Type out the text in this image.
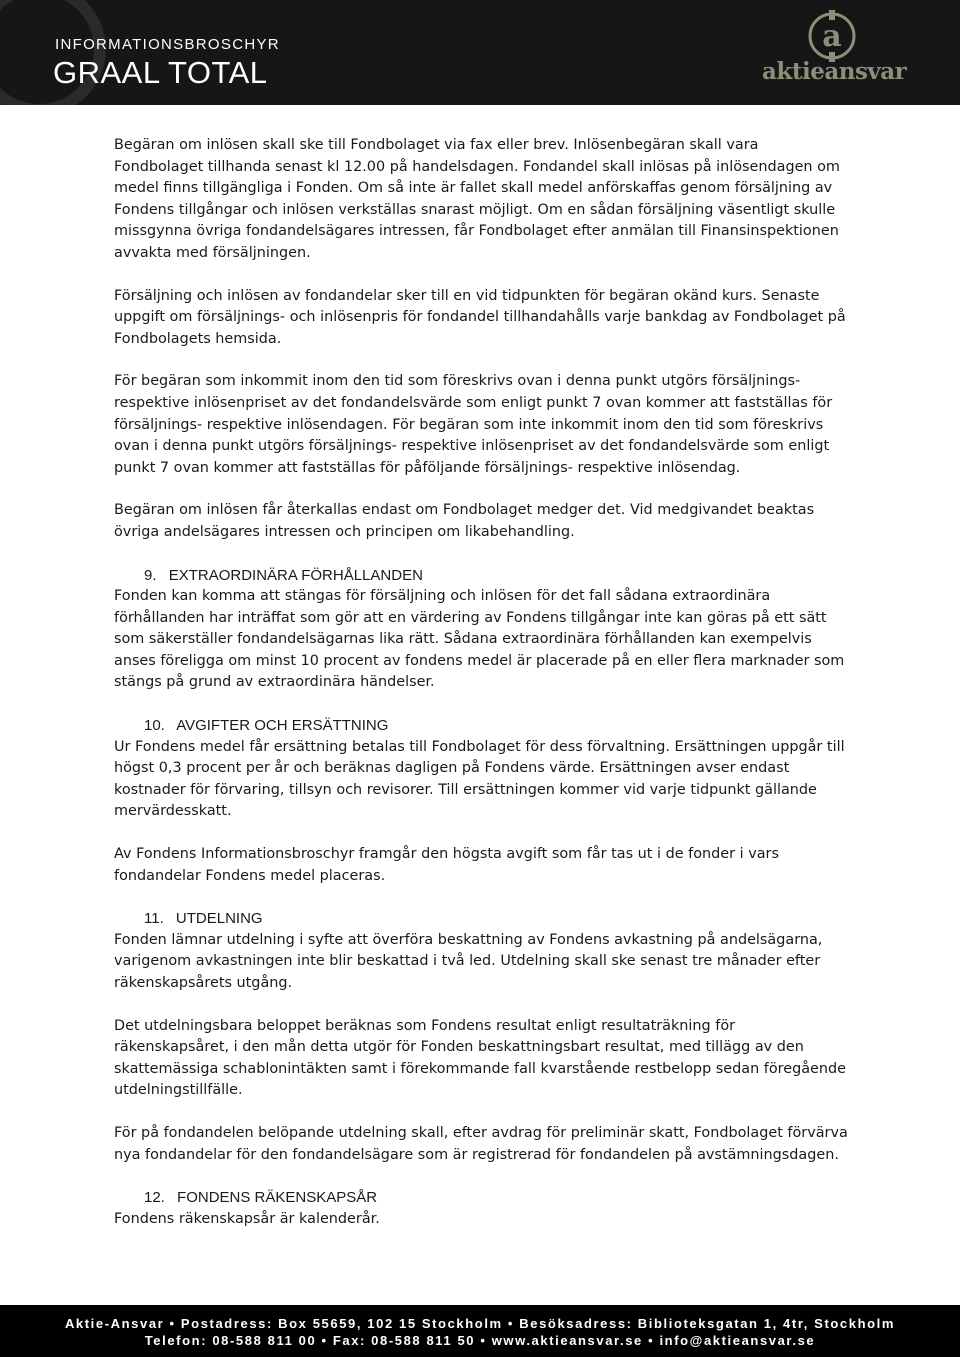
INFORMATIONSBROSCHYR
GRAAL TOTAL
a
aktieansvar

Begäran om inlösen skall ske till Fondbolaget via fax eller brev. Inlösenbegäran skall vara Fondbolaget tillhanda senast kl 12.00 på handelsdagen. Fondandel skall inlösas på inlösendagen om medel finns tillgängliga i Fonden. Om så inte är fallet skall medel anförskaffas genom försäljning av Fondens tillgångar och inlösen verkställas snarast möjligt. Om en sådan försäljning väsentligt skulle missgynna övriga fondandelsägares intressen, får Fondbolaget efter anmälan till Finansinspektionen avvakta med försäljningen.

Försäljning och inlösen av fondandelar sker till en vid tidpunkten för begäran okänd kurs. Senaste uppgift om försäljnings- och inlösenpris för fondandel tillhandahålls varje bankdag av Fondbolaget på Fondbolagets hemsida.

För begäran som inkommit inom den tid som föreskrivs ovan i denna punkt utgörs försäljnings-respektive inlösenpriset av det fondandelsvärde som enligt punkt 7 ovan kommer att fastställas för försäljnings- respektive inlösendagen. För begäran som inte inkommit inom den tid som föreskrivs ovan i denna punkt utgörs försäljnings- respektive inlösenpriset av det fondandelsvärde som enligt punkt 7 ovan kommer att fastställas för påföljande försäljnings- respektive inlösendag.

Begäran om inlösen får återkallas endast om Fondbolaget medger det. Vid medgivandet beaktas övriga andelsägares intressen och principen om likabehandling.

9. EXTRAORDINÄRA FÖRHÅLLANDEN

Fonden kan komma att stängas för försäljning och inlösen för det fall sådana extraordinära förhållanden har inträffat som gör att en värdering av Fondens tillgångar inte kan göras på ett sätt som säkerställer fondandelsägarnas lika rätt. Sådana extraordinära förhållanden kan exempelvis anses föreligga om minst 10 procent av fondens medel är placerade på en eller flera marknader som stängs på grund av extraordinära händelser.

10. AVGIFTER OCH ERSÄTTNING

Ur Fondens medel får ersättning betalas till Fondbolaget för dess förvaltning. Ersättningen uppgår till högst 0,3 procent per år och beräknas dagligen på Fondens värde. Ersättningen avser endast kostnader för förvaring, tillsyn och revisorer. Till ersättningen kommer vid varje tidpunkt gällande mervärdesskatt.

Av Fondens Informationsbroschyr framgår den högsta avgift som får tas ut i de fonder i vars fondandelar Fondens medel placeras.

11. UTDELNING

Fonden lämnar utdelning i syfte att överföra beskattning av Fondens avkastning på andelsägarna, varigenom avkastningen inte blir beskattad i två led. Utdelning skall ske senast tre månader efter räkenskapsårets utgång.

Det utdelningsbara beloppet beräknas som Fondens resultat enligt resultaträkning för räkenskapsåret, i den mån detta utgör för Fonden beskattningsbart resultat, med tillägg av den skattemässiga schablonintäkten samt i förekommande fall kvarstående restbelopp sedan föregående utdelningstillfälle.

För på fondandelen belöpande utdelning skall, efter avdrag för preliminär skatt, Fondbolaget förvärva nya fondandelar för den fondandelsägare som är registrerad för fondandelen på avstämningsdagen.

12. FONDENS RÄKENSKAPSÅR

Fondens räkenskapsår är kalenderår.

Aktie-Ansvar • Postadress: Box 55659, 102 15 Stockholm • Besöksadress: Biblioteksgatan 1, 4tr, Stockholm
Telefon: 08-588 811 00 • Fax: 08-588 811 50 • www.aktieansvar.se • info@aktieansvar.se
